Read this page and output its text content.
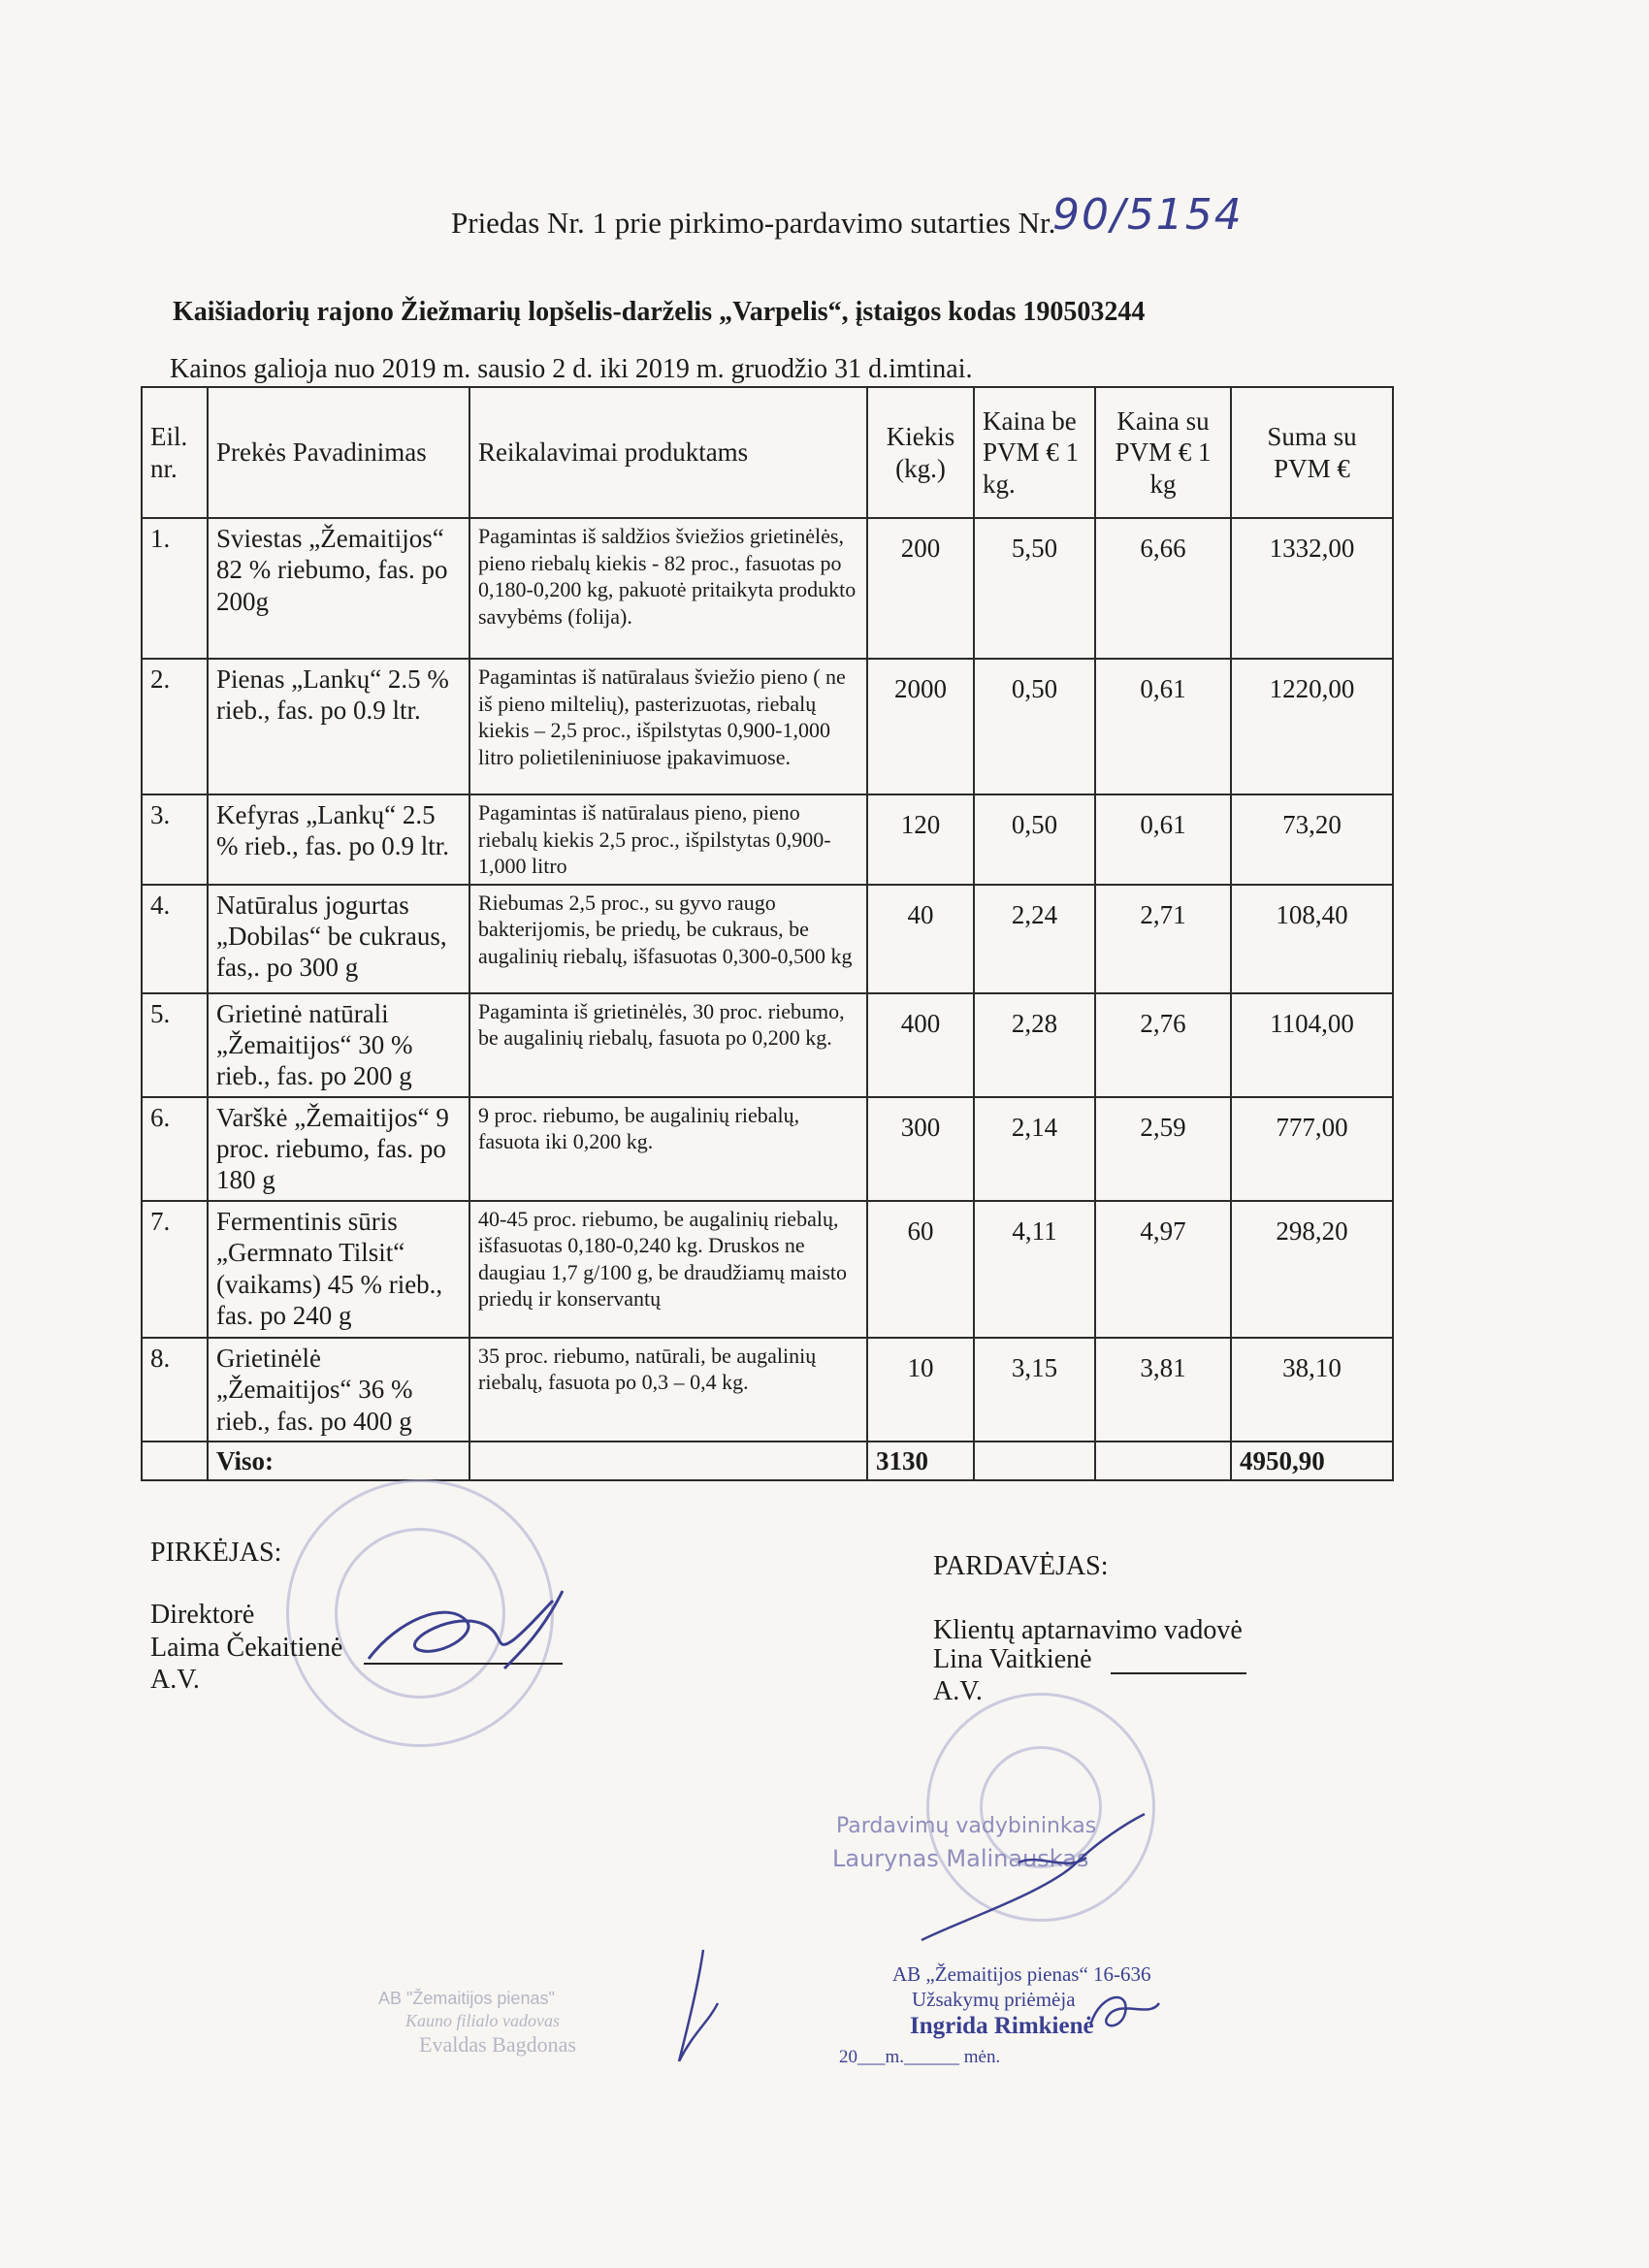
Priedas Nr. 1 prie pirkimo-pardavimo sutarties Nr.
90/5154
Kaišiadorių rajono Žiežmarių lopšelis-darželis „Varpelis“, įstaigos kodas 190503244
Kainos galioja nuo 2019 m. sausio 2 d. iki 2019 m. gruodžio 31 d.imtinai.
Eil. nr.	Prekės Pavadinimas	Reikalavimai produktams	Kiekis (kg.)	Kaina be PVM € 1 kg.	Kaina su PVM € 1 kg	Suma su PVM €
1.	Sviestas „Žemaitijos“ 82 % riebumo, fas. po 200g	Pagamintas iš saldžios šviežios grietinėlės, pieno riebalų kiekis - 82 proc., fasuotas po 0,180-0,200 kg, pakuotė pritaikyta produkto savybėms (folija).	200	5,50	6,66	1332,00
2.	Pienas „Lankų“ 2.5 % rieb., fas. po 0.9 ltr.	Pagamintas iš natūralaus šviežio pieno ( ne iš pieno miltelių), pasterizuotas, riebalų kiekis – 2,5 proc., išpilstytas 0,900-1,000 litro polietileniniuose įpakavimuose.	2000	0,50	0,61	1220,00
3.	Kefyras „Lankų“ 2.5 % rieb., fas. po 0.9 ltr.	Pagamintas iš natūralaus pieno, pieno riebalų kiekis 2,5 proc., išpilstytas 0,900-1,000 litro	120	0,50	0,61	73,20
4.	Natūralus jogurtas „Dobilas“ be cukraus, fas,. po 300 g	Riebumas 2,5 proc., su gyvo raugo bakterijomis, be priedų, be cukraus, be augalinių riebalų, išfasuotas 0,300-0,500 kg	40	2,24	2,71	108,40
5.	Grietinė natūrali „Žemaitijos“ 30 % rieb., fas. po 200 g	Pagaminta iš grietinėlės, 30 proc. riebumo, be augalinių riebalų, fasuota po 0,200 kg.	400	2,28	2,76	1104,00
6.	Varškė „Žemaitijos“ 9 proc. riebumo, fas. po 180 g	9 proc. riebumo, be augalinių riebalų, fasuota iki 0,200 kg.	300	2,14	2,59	777,00
7.	Fermentinis sūris „Germnato Tilsit“ (vaikams) 45 % rieb., fas. po 240 g	40-45 proc. riebumo, be augalinių riebalų, išfasuotas 0,180-0,240 kg. Druskos ne daugiau 1,7 g/100 g, be draudžiamų maisto priedų ir konservantų	60	4,11	4,97	298,20
8.	Grietinėlė „Žemaitijos“ 36 % rieb., fas. po 400 g	35 proc. riebumo, natūrali, be augalinių riebalų, fasuota po 0,3 – 0,4 kg.	10	3,15	3,81	38,10
	Viso:		3130			4950,90
PIRKĖJAS:
Direktorė
Laima Čekaitienė
A.V.
PARDAVĖJAS:
Klientų aptarnavimo vadovė
Lina Vaitkienė
A.V.
Pardavimų vadybininkas
Laurynas Malinauskas
AB „Žemaitijos pienas“ 16-636
Užsakymų priėmėja
Ingrida Rimkienė
20___m.______ mėn.
AB "Žemaitijos pienas"
Kauno filialo vadovas
Evaldas Bagdonas
